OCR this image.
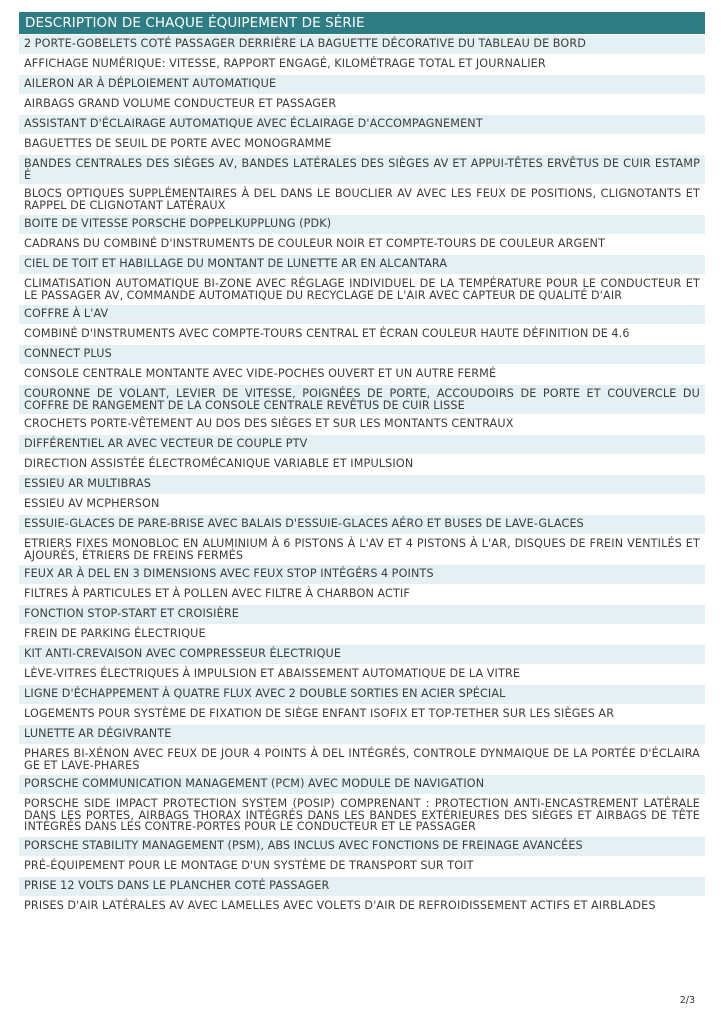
DESCRIPTION DE CHAQUE ÉQUIPEMENT DE SÉRIE
2 PORTE-GOBELETS COTÉ PASSAGER DERRIÈRE LA BAGUETTE DÉCORATIVE DU TABLEAU DE BORD
AFFICHAGE NUMÉRIQUE: VITESSE, RAPPORT ENGAGÉ, KILOMÉTRAGE TOTAL ET JOURNALIER
AILERON AR À DÉPLOIEMENT AUTOMATIQUE
AIRBAGS GRAND VOLUME CONDUCTEUR ET PASSAGER
ASSISTANT D'ÉCLAIRAGE AUTOMATIQUE AVEC ÉCLAIRAGE D'ACCOMPAGNEMENT
BAGUETTES DE SEUIL DE PORTE AVEC MONOGRAMME
BANDES CENTRALES DES SIÈGES AV, BANDES LATÉRALES DES SIÈGES AV ET APPUI-TÊTES ERVÊTUS DE CUIR ESTAMP É
BLOCS OPTIQUES SUPPLÉMENTAIRES À DEL DANS LE BOUCLIER AV AVEC LES FEUX DE POSITIONS, CLIGNOTANTS ET RAPPEL DE CLIGNOTANT LATÉRAUX
BOITE DE VITESSE PORSCHE DOPPELKUPPLUNG (PDK)
CADRANS DU COMBINÉ D'INSTRUMENTS DE COULEUR NOIR ET COMPTE-TOURS DE COULEUR ARGENT
CIEL DE TOIT ET HABILLAGE DU MONTANT DE LUNETTE AR EN ALCANTARA
CLIMATISATION AUTOMATIQUE BI-ZONE AVEC RÉGLAGE INDIVIDUEL DE LA TEMPÉRATURE POUR LE CONDUCTEUR ET LE PASSAGER AV, COMMANDE AUTOMATIQUE DU RECYCLAGE DE L'AIR AVEC CAPTEUR DE QUALITÉ D'AIR
COFFRE À L'AV
COMBINÉ D'INSTRUMENTS AVEC COMPTE-TOURS CENTRAL ET ÉCRAN COULEUR HAUTE DÉFINITION DE 4.6
CONNECT PLUS
CONSOLE CENTRALE MONTANTE AVEC VIDE-POCHES OUVERT ET UN AUTRE FERMÉ
COURONNE DE VOLANT, LEVIER DE VITESSE, POIGNÉES DE PORTE, ACCOUDOIRS DE PORTE ET COUVERCLE DU COFFRE DE RANGEMENT DE LA CONSOLE CENTRALE REVÊTUS DE CUIR LISSE
CROCHETS PORTE-VÊTEMENT AU DOS DES SIÈGES ET SUR LES MONTANTS CENTRAUX
DIFFÉRENTIEL AR AVEC VECTEUR DE COUPLE PTV
DIRECTION ASSISTÉE ÉLECTROMÉCANIQUE VARIABLE ET IMPULSION
ESSIEU AR MULTIBRAS
ESSIEU AV MCPHERSON
ESSUIE-GLACES DE PARE-BRISE AVEC BALAIS D'ESSUIE-GLACES AÉRO ET BUSES DE LAVE-GLACES
ETRIERS FIXES MONOBLOC EN ALUMINIUM À 6 PISTONS À L'AV ET 4 PISTONS À L'AR, DISQUES DE FREIN VENTILÉS ET AJOURÉS, ÉTRIERS DE FREINS FERMÉS
FEUX AR À DEL EN 3 DIMENSIONS AVEC FEUX STOP INTÉGÉRS 4 POINTS
FILTRES À PARTICULES ET À POLLEN AVEC FILTRE À CHARBON ACTIF
FONCTION STOP-START ET CROISIÈRE
FREIN DE PARKING ÉLECTRIQUE
KIT ANTI-CREVAISON AVEC COMPRESSEUR ÉLECTRIQUE
LÈVE-VITRES ÉLECTRIQUES À IMPULSION ET ABAISSEMENT AUTOMATIQUE DE LA VITRE
LIGNE D'ÉCHAPPEMENT À QUATRE FLUX AVEC 2 DOUBLE SORTIES EN ACIER SPÉCIAL
LOGEMENTS POUR SYSTÈME DE FIXATION DE SIÈGE ENFANT ISOFIX ET TOP-TETHER SUR LES SIÈGES AR
LUNETTE AR DÉGIVRANTE
PHARES BI-XÉNON AVEC FEUX DE JOUR 4 POINTS À DEL INTÉGRÉS, CONTROLE DYNMAIQUE DE LA PORTÉE D'ÉCLAIRA GE ET LAVE-PHARES
PORSCHE COMMUNICATION MANAGEMENT (PCM) AVEC MODULE DE NAVIGATION
PORSCHE SIDE IMPACT PROTECTION SYSTEM (POSIP) COMPRENANT : PROTECTION ANTI-ENCASTREMENT LATÉRALE DANS LES PORTES, AIRBAGS THORAX INTÉGRÉS DANS LES BANDES EXTÉRIEURES DES SIÈGES ET AIRBAGS DE TÊTE INTÉGRÉS DANS LES CONTRE-PORTES POUR LE CONDUCTEUR ET LE PASSAGER
PORSCHE STABILITY MANAGEMENT (PSM), ABS INCLUS AVEC FONCTIONS DE FREINAGE AVANCÉES
PRÉ-ÉQUIPEMENT POUR LE MONTAGE D'UN SYSTÈME DE TRANSPORT SUR TOIT
PRISE 12 VOLTS DANS LE PLANCHER COTÉ PASSAGER
PRISES D'AIR LATÉRALES AV AVEC LAMELLES AVEC VOLETS D'AIR DE REFROIDISSEMENT ACTIFS ET AIRBLADES
2/3
